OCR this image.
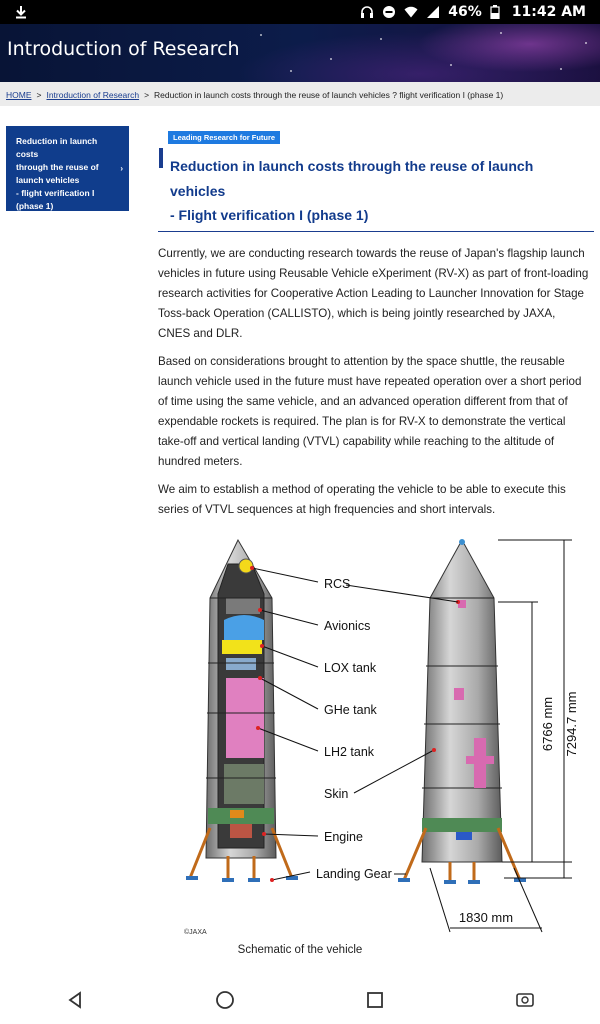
46% 11:42 AM
Introduction of Research
HOME > Introduction of Research > Reduction in launch costs through the reuse of launch vehicles ? flight verification I (phase 1)
Reduction in launch costs
through the reuse of
launch vehicles
- flight verification I
(phase 1)
›
Leading Research for Future
Reduction in launch costs through the reuse of launch
vehicles
- Flight verification I (phase 1)

Currently, we are conducting research towards the reuse of Japan's flagship launch vehicles in future using Reusable Vehicle eXperiment (RV-X) as part of front-loading research activities for Cooperative Action Leading to Launcher Innovation for Stage Toss-back Operation (CALLISTO), which is being jointly researched by JAXA, CNES and DLR.

Based on considerations brought to attention by the space shuttle, the reusable launch vehicle used in the future must have repeated operation over a short period of time using the same vehicle, and an advanced operation different from that of expendable rockets is required. The plan is for RV-X to demonstrate the vertical take-off and vertical landing (VTVL) capability while reaching to the altitude of hundred meters.

We aim to establish a method of operating the vehicle to be able to execute this series of VTVL sequences at high frequencies and short intervals.

RCS
Avionics
LOX tank
GHe tank
LH2 tank
Skin
Engine
Landing Gear
6766 mm 7294.7 mm
1830 mm
©JAXA
Schematic of the vehicle
